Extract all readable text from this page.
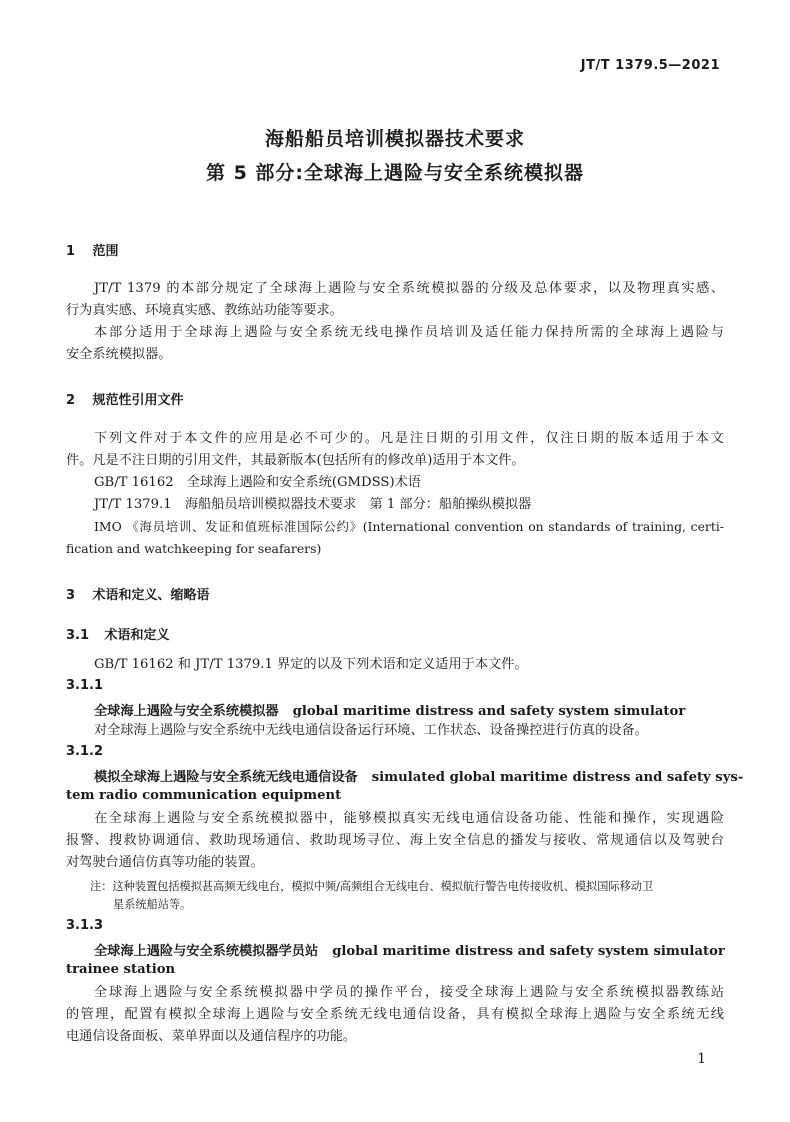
JT/T 1379.5—2021
海船船员培训模拟器技术要求
第 5 部分:全球海上遇险与安全系统模拟器
1 范围
JT/T 1379 的本部分规定了全球海上遇险与安全系统模拟器的分级及总体要求，以及物理真实感、
行为真实感、环境真实感、教练站功能等要求。
本部分适用于全球海上遇险与安全系统无线电操作员培训及适任能力保持所需的全球海上遇险与
安全系统模拟器。
2 规范性引用文件
下列文件对于本文件的应用是必不可少的。凡是注日期的引用文件，仅注日期的版本适用于本文
件。凡是不注日期的引用文件，其最新版本(包括所有的修改单)适用于本文件。
GB/T 16162　全球海上遇险和安全系统(GMDSS)术语
JT/T 1379.1　海船船员培训模拟器技术要求　第 1 部分：船舶操纵模拟器
IMO 《海员培训、发证和值班标准国际公约》(International convention on standards of training, certi-
fication and watchkeeping for seafarers)
3 术语和定义、缩略语
3.1 术语和定义
GB/T 16162 和 JT/T 1379.1 界定的以及下列术语和定义适用于本文件。
3.1.1
全球海上遇险与安全系统模拟器 global maritime distress and safety system simulator
对全球海上遇险与安全系统中无线电通信设备运行环境、工作状态、设备操控进行仿真的设备。
3.1.2
模拟全球海上遇险与安全系统无线电通信设备 simulated global maritime distress and safety sys-
tem radio communication equipment
在全球海上遇险与安全系统模拟器中，能够模拟真实无线电通信设备功能、性能和操作，实现遇险
报警、搜救协调通信、救助现场通信、救助现场寻位、海上安全信息的播发与接收、常规通信以及驾驶台
对驾驶台通信仿真等功能的装置。
注：这种装置包括模拟甚高频无线电台，模拟中频/高频组合无线电台、模拟航行警告电传接收机、模拟国际移动卫
星系统船站等。
3.1.3
全球海上遇险与安全系统模拟器学员站 global maritime distress and safety system simulator
trainee station
全球海上遇险与安全系统模拟器中学员的操作平台，接受全球海上遇险与安全系统模拟器教练站
的管理，配置有模拟全球海上遇险与安全系统无线电通信设备，具有模拟全球海上遇险与安全系统无线
电通信设备面板、菜单界面以及通信程序的功能。
1
